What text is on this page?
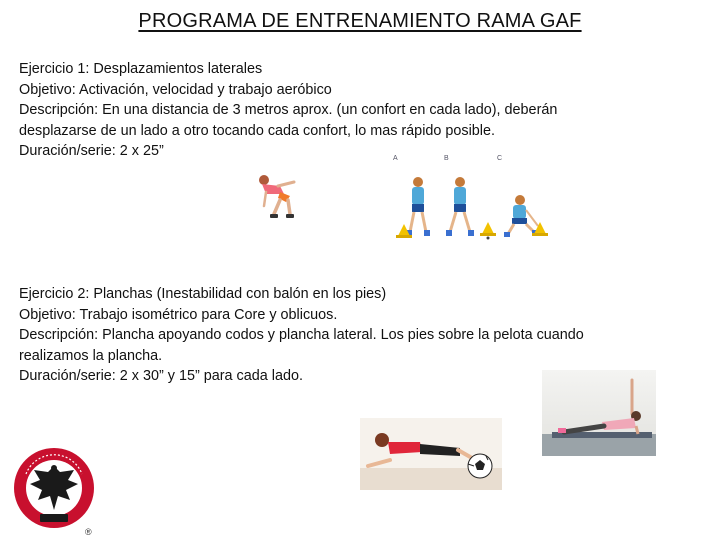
PROGRAMA DE ENTRENAMIENTO RAMA GAF
Ejercicio 1: Desplazamientos laterales
Objetivo: Activación, velocidad y trabajo aeróbico
Descripción: En una distancia de 3 metros aprox. (un confort en cada lado), deberán
desplazarse de un lado a otro tocando cada confort, lo mas rápido posible.
Duración/serie: 2 x 25”	A	B	C
Ejercicio 2: Planchas (Inestabilidad con balón en los pies)
Objetivo: Trabajo isométrico para Core y oblicuos.
Descripción: Plancha apoyando codos y plancha lateral. Los pies sobre la pelota cuando
realizamos la plancha.
Duración/serie: 2 x 30” y 15” para cada lado.
®
